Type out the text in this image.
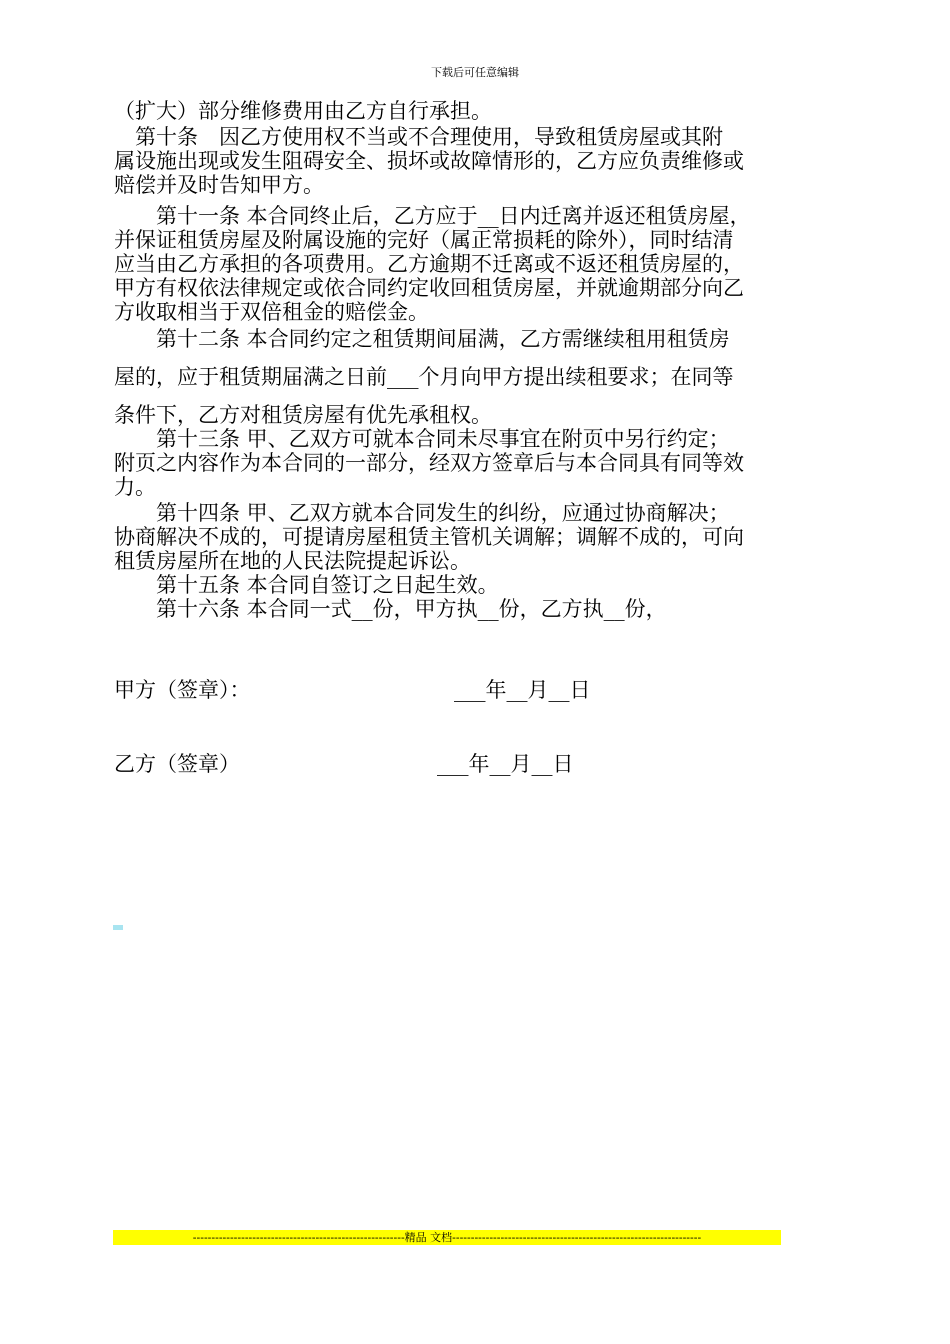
下载后可任意编辑

（扩大）部分维修费用由乙方自行承担。

　第十条　因乙方使用权不当或不合理使用，导致租赁房屋或其附

属设施出现或发生阻碍安全、损坏或故障情形的，乙方应负责维修或

赔偿并及时告知甲方。

　　第十一条 本合同终止后，乙方应于__日内迁离并返还租赁房屋，

并保证租赁房屋及附属设施的完好（属正常损耗的除外），同时结清

应当由乙方承担的各项费用。乙方逾期不迁离或不返还租赁房屋的，

甲方有权依法律规定或依合同约定收回租赁房屋，并就逾期部分向乙

方收取相当于双倍租金的赔偿金。

　　第十二条 本合同约定之租赁期间届满，乙方需继续租用租赁房

屋的，应于租赁期届满之日前___个月向甲方提出续租要求；在同等

条件下，乙方对租赁房屋有优先承租权。

　　第十三条 甲、乙双方可就本合同未尽事宜在附页中另行约定；

附页之内容作为本合同的一部分，经双方签章后与本合同具有同等效

力。

　　第十四条 甲、乙双方就本合同发生的纠纷，应通过协商解决；

协商解决不成的，可提请房屋租赁主管机关调解；调解不成的，可向

租赁房屋所在地的人民法院提起诉讼。

　　第十五条 本合同自签订之日起生效。

　　第十六条 本合同一式__份，甲方执__份，乙方执__份，

甲方（签章）：	___年__月__日
乙方（签章）	___年__月__日
---------------------------------------------------------精品 文档-------------------------------------------------------------------
